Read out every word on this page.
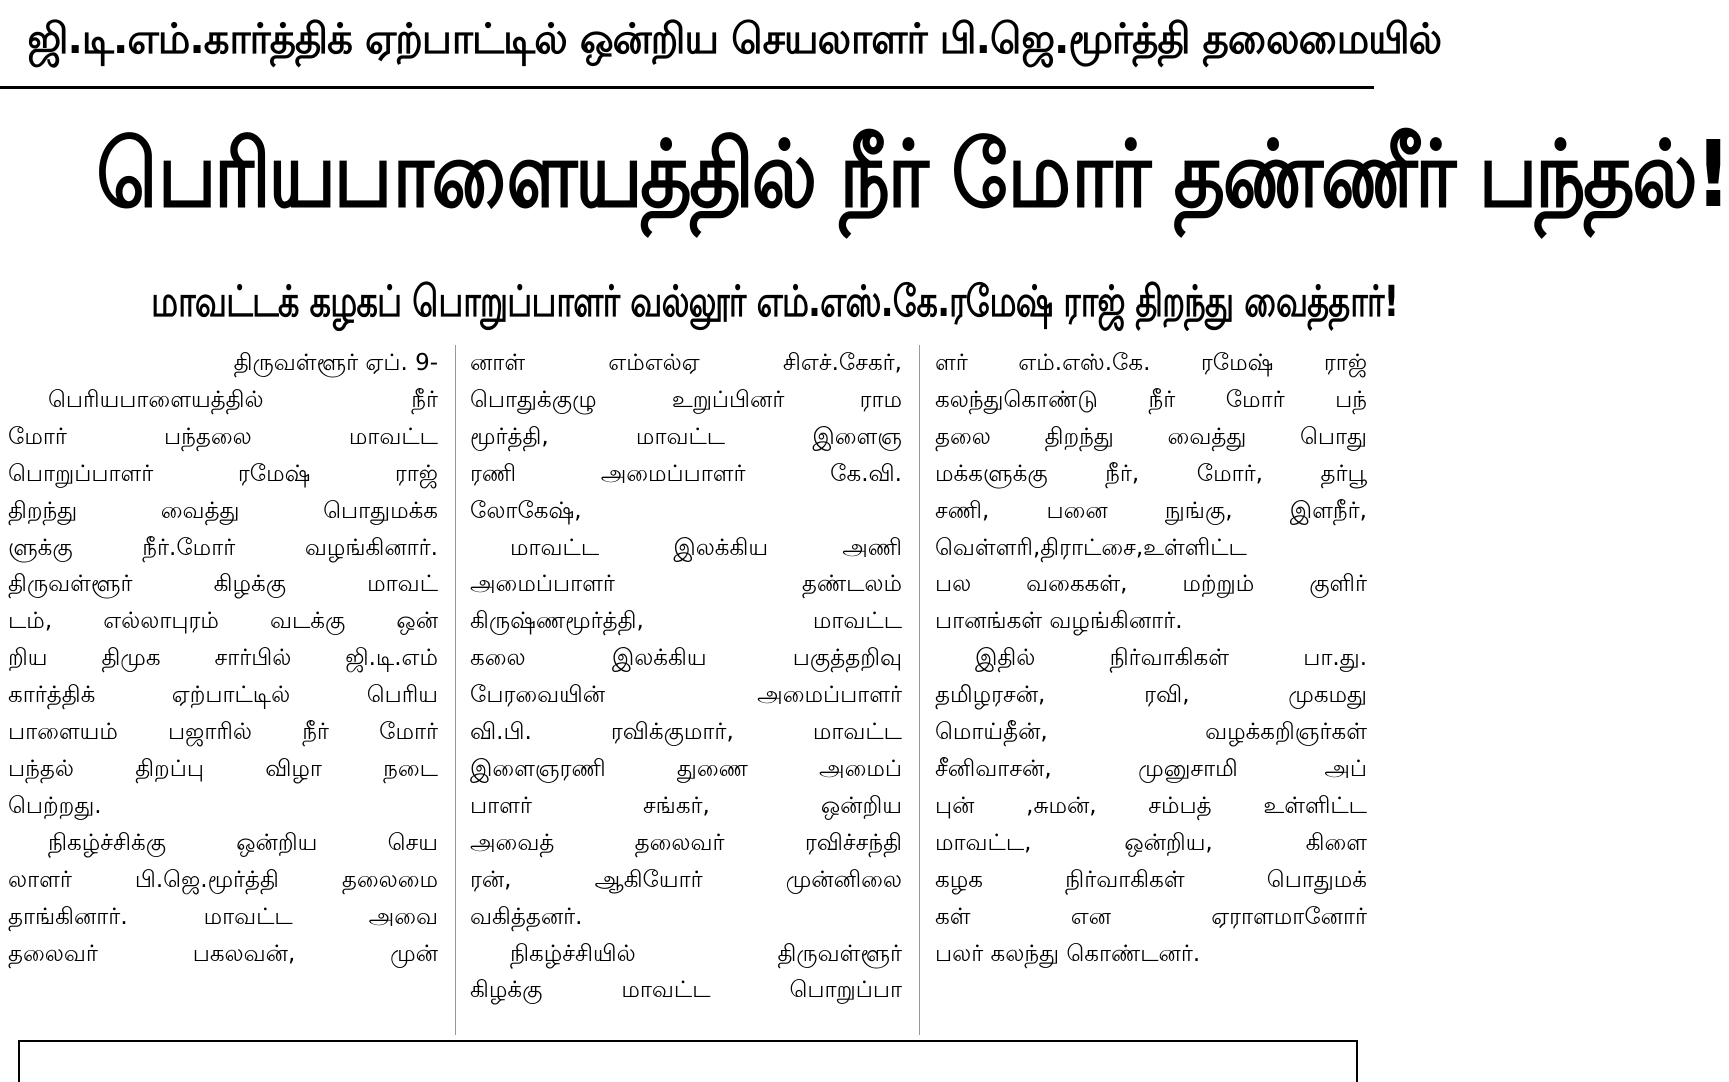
ஜி.டி.எம்.கார்த்திக் ஏற்பாட்டில் ஒன்றிய செயலாளர் பி.ஜெ.மூர்த்தி தலைமையில்
பெரியபாளையத்தில் நீர் மோர் தண்ணீர் பந்தல்!
மாவட்டக் கழகப் பொறுப்பாளர் வல்லூர் எம்.எஸ்.கே.ரமேஷ் ராஜ் திறந்து வைத்தார்!
திருவள்ளூர் ஏப். 9-
பெரியபாளையத்தில் நீர்
மோர் பந்தலை மாவட்ட
பொறுப்பாளர் ரமேஷ் ராஜ்
திறந்து வைத்து பொதுமக்க
ளுக்கு நீர்.மோர் வழங்கினார்.
திருவள்ளூர் கிழக்கு மாவட்
டம், எல்லாபுரம் வடக்கு ஒன்
றிய திமுக சார்பில் ஜி.டி.எம்
கார்த்திக் ஏற்பாட்டில் பெரிய
பாளையம் பஜாரில் நீர் மோர்
பந்தல் திறப்பு விழா நடை
பெற்றது.
நிகழ்ச்சிக்கு ஒன்றிய செய
லாளர் பி.ஜெ.மூர்த்தி தலைமை
தாங்கினார். மாவட்ட அவை
தலைவர் பகலவன், முன்
னாள் எம்எல்ஏ சிஎச்.சேகர்,
பொதுக்குழு உறுப்பினர் ராம
மூர்த்தி, மாவட்ட இளைஞ
ரணி அமைப்பாளர் கே.வி.
லோகேஷ்,
மாவட்ட இலக்கிய அணி
அமைப்பாளர் தண்டலம்
கிருஷ்ணமூர்த்தி, மாவட்ட
கலை இலக்கிய பகுத்தறிவு
பேரவையின் அமைப்பாளர்
வி.பி. ரவிக்குமார், மாவட்ட
இளைஞரணி துணை அமைப்
பாளர் சங்கர், ஒன்றிய
அவைத் தலைவர் ரவிச்சந்தி
ரன், ஆகியோர் முன்னிலை
வகித்தனர்.
நிகழ்ச்சியில் திருவள்ளூர்
கிழக்கு மாவட்ட பொறுப்பா
ளர் எம்.எஸ்.கே. ரமேஷ் ராஜ்
கலந்துகொண்டு நீர் மோர் பந்
தலை திறந்து வைத்து பொது
மக்களுக்கு நீர், மோர், தர்பூ
சணி, பனை நுங்கு, இளநீர்,
வெள்ளரி,திராட்சை,உள்ளிட்ட
பல வகைகள், மற்றும் குளிர்
பானங்கள் வழங்கினார்.
இதில் நிர்வாகிகள் பா.து.
தமிழரசன், ரவி, முகமது
மொய்தீன், வழக்கறிஞர்கள்
சீனிவாசன், முனுசாமி அப்
புன் ,சுமன், சம்பத் உள்ளிட்ட
மாவட்ட, ஒன்றிய, கிளை
கழக நிர்வாகிகள் பொதுமக்
கள் என ஏராளமானோர்
பலர் கலந்து கொண்டனர்.
